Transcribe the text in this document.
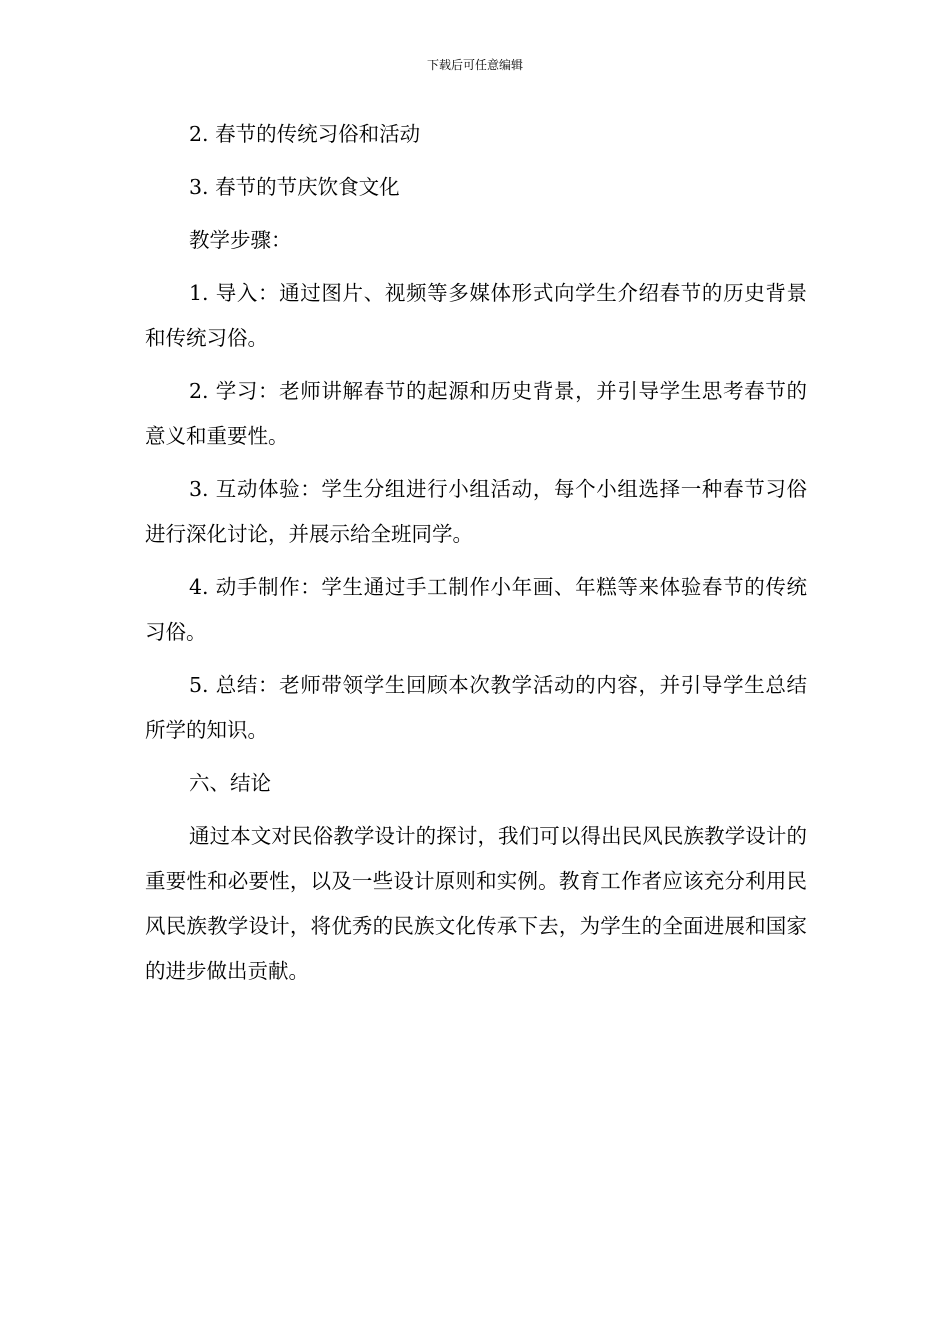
下载后可任意编辑

2. 春节的传统习俗和活动

3. 春节的节庆饮食文化

教学步骤：

1. 导入：通过图片、视频等多媒体形式向学生介绍春节的历史背景和传统习俗。

2. 学习：老师讲解春节的起源和历史背景，并引导学生思考春节的意义和重要性。

3. 互动体验：学生分组进行小组活动，每个小组选择一种春节习俗进行深化讨论，并展示给全班同学。

4. 动手制作：学生通过手工制作小年画、年糕等来体验春节的传统习俗。

5. 总结：老师带领学生回顾本次教学活动的内容，并引导学生总结所学的知识。

六、结论

通过本文对民俗教学设计的探讨，我们可以得出民风民族教学设计的重要性和必要性，以及一些设计原则和实例。教育工作者应该充分利用民风民族教学设计，将优秀的民族文化传承下去，为学生的全面进展和国家的进步做出贡献。
